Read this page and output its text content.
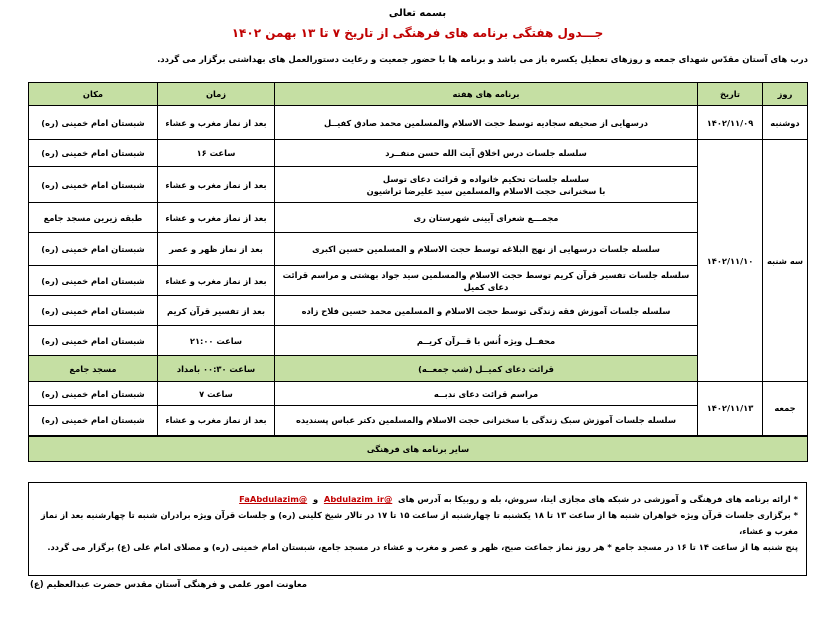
بسمه تعالی
جـــدول هفتگی برنامه های فرهنگی از تاریخ ۷ تا ۱۳ بهمن ۱۴۰۲
درب های آستان مقدّس شهدای جمعه و روزهای تعطیل یکسره باز می باشد و برنامه ها با حضور جمعیت و رعایت دستورالعمل های بهداشتی برگزار می گردد.
روز	تاریخ	برنامه های هفته	زمان	مکان
دوشنبه	۱۴۰۲/۱۱/۰۹	درسهایی از صحیفه سجادیه توسط حجت الاسلام والمسلمین محمد صادق کفیــل	بعد از نماز مغرب و عشاء	شبستان امام خمینی (ره)
سه شنبه	۱۴۰۲/۱۱/۱۰	سلسله جلسات درس اخلاق آیت الله حسن منفــرد	ساعت ۱۶	شبستان امام خمینی (ره)

		سلسله جلسات تحکیم خانواده و قرائت دعای توسل
با سخنرانی حجت الاسلام والمسلمین سید علیرضا تراشیون	بعد از نماز مغرب و عشاء	شبستان امام خمینی (ره)
		مجمـــع شعرای آیینی شهرستان ری	بعد از نماز مغرب و عشاء	طبقه زیرین مسجد جامع
		سلسله جلسات درسهایی از نهج البلاغه توسط حجت الاسلام و المسلمین حسین اکبری	بعد از نماز ظهر و عصر	شبستان امام خمینی (ره)
		سلسله جلسات تفسیر قرآن کریم توسط حجت الاسلام والمسلمین سید جواد بهشتی و مراسم قرائت دعای کمیل	بعد از نماز مغرب و عشاء	شبستان امام خمینی (ره)
		سلسله جلسات آموزش فقه زندگی توسط حجت الاسلام و المسلمین محمد حسین فلاح زاده	بعد از تفسیر قرآن کریم	شبستان امام خمینی (ره)
		محفــل ویژه اُنس با قــرآن کریــم	ساعت ۲۱:۰۰	شبستان امام خمینی (ره)
		قرائت دعای کمیــل (شب جمعــه)	ساعت ۰۰:۳۰ بامداد	مسجد جامع
جمعه	۱۴۰۲/۱۱/۱۳	مراسم قرائت دعای ندبــه	ساعت ۷	شبستان امام خمینی (ره)
		سلسله جلسات آموزش سبک زندگی با سخنرانی حجت الاسلام والمسلمین دکتر عباس پسندیده	بعد از نماز مغرب و عشاء	شبستان امام خمینی (ره)
سایر برنامه های فرهنگی				
* ارائه برنامه های فرهنگی و آموزشی در شبکه های مجازی ایتا، سروش، بله و روبیکا به آدرس های  @Abdulazim_ir  و  @FaAbdulazim
* برگزاری جلسات قرآن ویژه خواهران شنبه ها از ساعت ۱۳ تا ۱۸ یکشنبه تا چهارشنبه از ساعت ۱۵ تا ۱۷ در تالار شیخ کلینی (ره) و جلسات قرآن ویژه برادران شنبه تا چهارشنبه بعد از نماز مغرب و عشاء،
پنج شنبه ها از ساعت ۱۴ تا ۱۶ در مسجد جامع * هر روز نماز جماعت صبح، ظهر و عصر و مغرب و عشاء در مسجد جامع، شبستان امام خمینی (ره) و مصلای امام علی (ع) برگزار می گردد.
معاونت امور علمی و فرهنگی آستان مقدس حضرت عبدالعظیم (ع)
